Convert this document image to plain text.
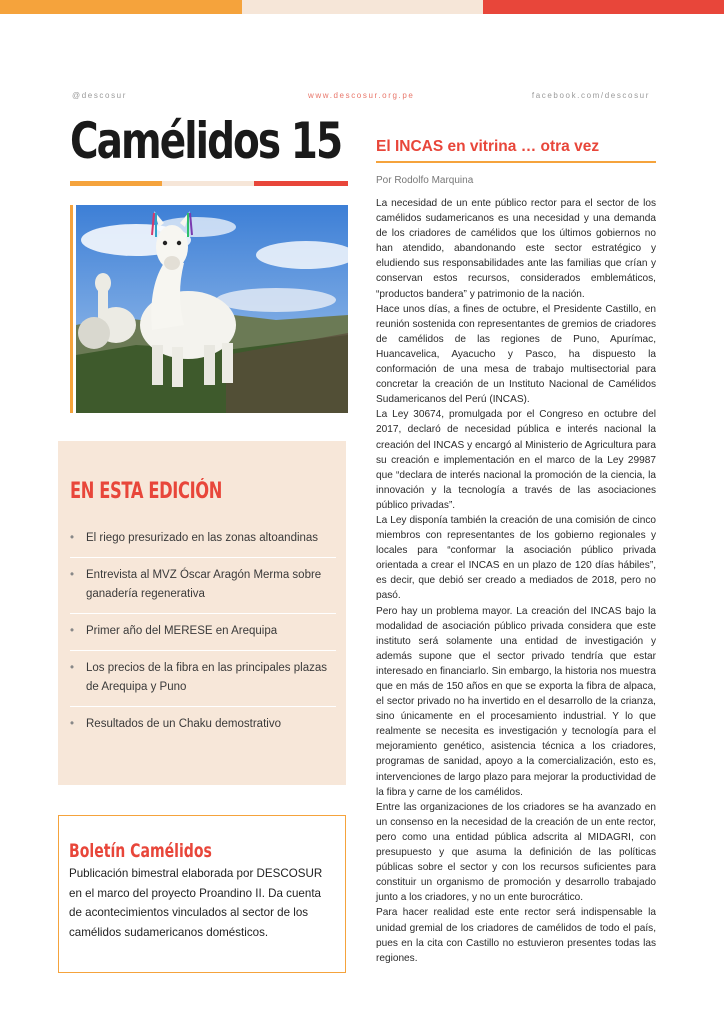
@descosur	www.descosur.org.pe	facebook.com/descosur
Camélidos 15
EN ESTA EDICIÓN
• El riego presurizado en las zonas altoandinas
• Entrevista al MVZ Óscar Aragón Merma sobre ganadería regenerativa
• Primer año del MERESE en Arequipa
• Los precios de la fibra en las principales plazas de Arequipa y Puno
• Resultados de un Chaku demostrativo
Boletín Camélidos
Publicación bimestral elaborada por DESCOSUR en el marco del proyecto Proandino II. Da cuenta de acontecimientos vinculados al sector de los camélidos sudamericanos domésticos.
El INCAS en vitrina … otra vez
Por Rodolfo Marquina

La necesidad de un ente público rector para el sector de los camélidos sudamericanos es una necesidad y una demanda de los criadores de camélidos que los últimos gobiernos no han atendido, abandonando este sector estratégico y eludiendo sus responsabilidades ante las familias que crían y conservan estos recursos, considerados emblemáticos, “productos bandera” y patrimonio de la nación.

Hace unos días, a fines de octubre, el Presidente Castillo, en reunión sostenida con representantes de gremios de criadores de camélidos de las regiones de Puno, Apurímac, Huancavelica, Ayacucho y Pasco, ha dispuesto la conformación de una mesa de trabajo multisectorial para concretar la creación de un Instituto Nacional de Camélidos Sudamericanos del Perú (INCAS).

La Ley 30674, promulgada por el Congreso en octubre del 2017, declaró de necesidad pública e interés nacional la creación del INCAS y encargó al Ministerio de Agricultura para su creación e implementación en el marco de la Ley 29987 que “declara de interés nacional la promoción de la ciencia, la innovación y la tecnología a través de las asociaciones público privadas”.

La Ley disponía también la creación de una comisión de cinco miembros con representantes de los gobierno regionales y locales para “conformar la asociación público privada orientada a crear el INCAS en un plazo de 120 días hábiles”, es decir, que debió ser creado a mediados de 2018, pero no pasó.

Pero hay un problema mayor. La creación del INCAS bajo la modalidad de asociación público privada considera que este instituto será solamente una entidad de investigación y además supone que el sector privado tendría que estar interesado en financiarlo. Sin embargo, la historia nos muestra que en más de 150 años en que se exporta la fibra de alpaca, el sector privado no ha invertido en el desarrollo de la crianza, sino únicamente en el procesamiento industrial. Y lo que realmente se necesita es investigación y tecnología para el mejoramiento genético, asistencia técnica a los criadores, programas de sanidad, apoyo a la comercialización, esto es, intervenciones de largo plazo para mejorar la productividad de la fibra y carne de los camélidos.

Entre las organizaciones de los criadores se ha avanzado en un consenso en la necesidad de la creación de un ente rector, pero como una entidad pública adscrita al MIDAGRI, con presupuesto y que asuma la definición de las políticas públicas sobre el sector y con los recursos suficientes para constituir un organismo de promoción y desarrollo trabajado junto a los criadores, y no un ente burocrático.

Para hacer realidad este ente rector será indispensable la unidad gremial de los criadores de camélidos de todo el país, pues en la cita con Castillo no estuvieron presentes todas las regiones.
